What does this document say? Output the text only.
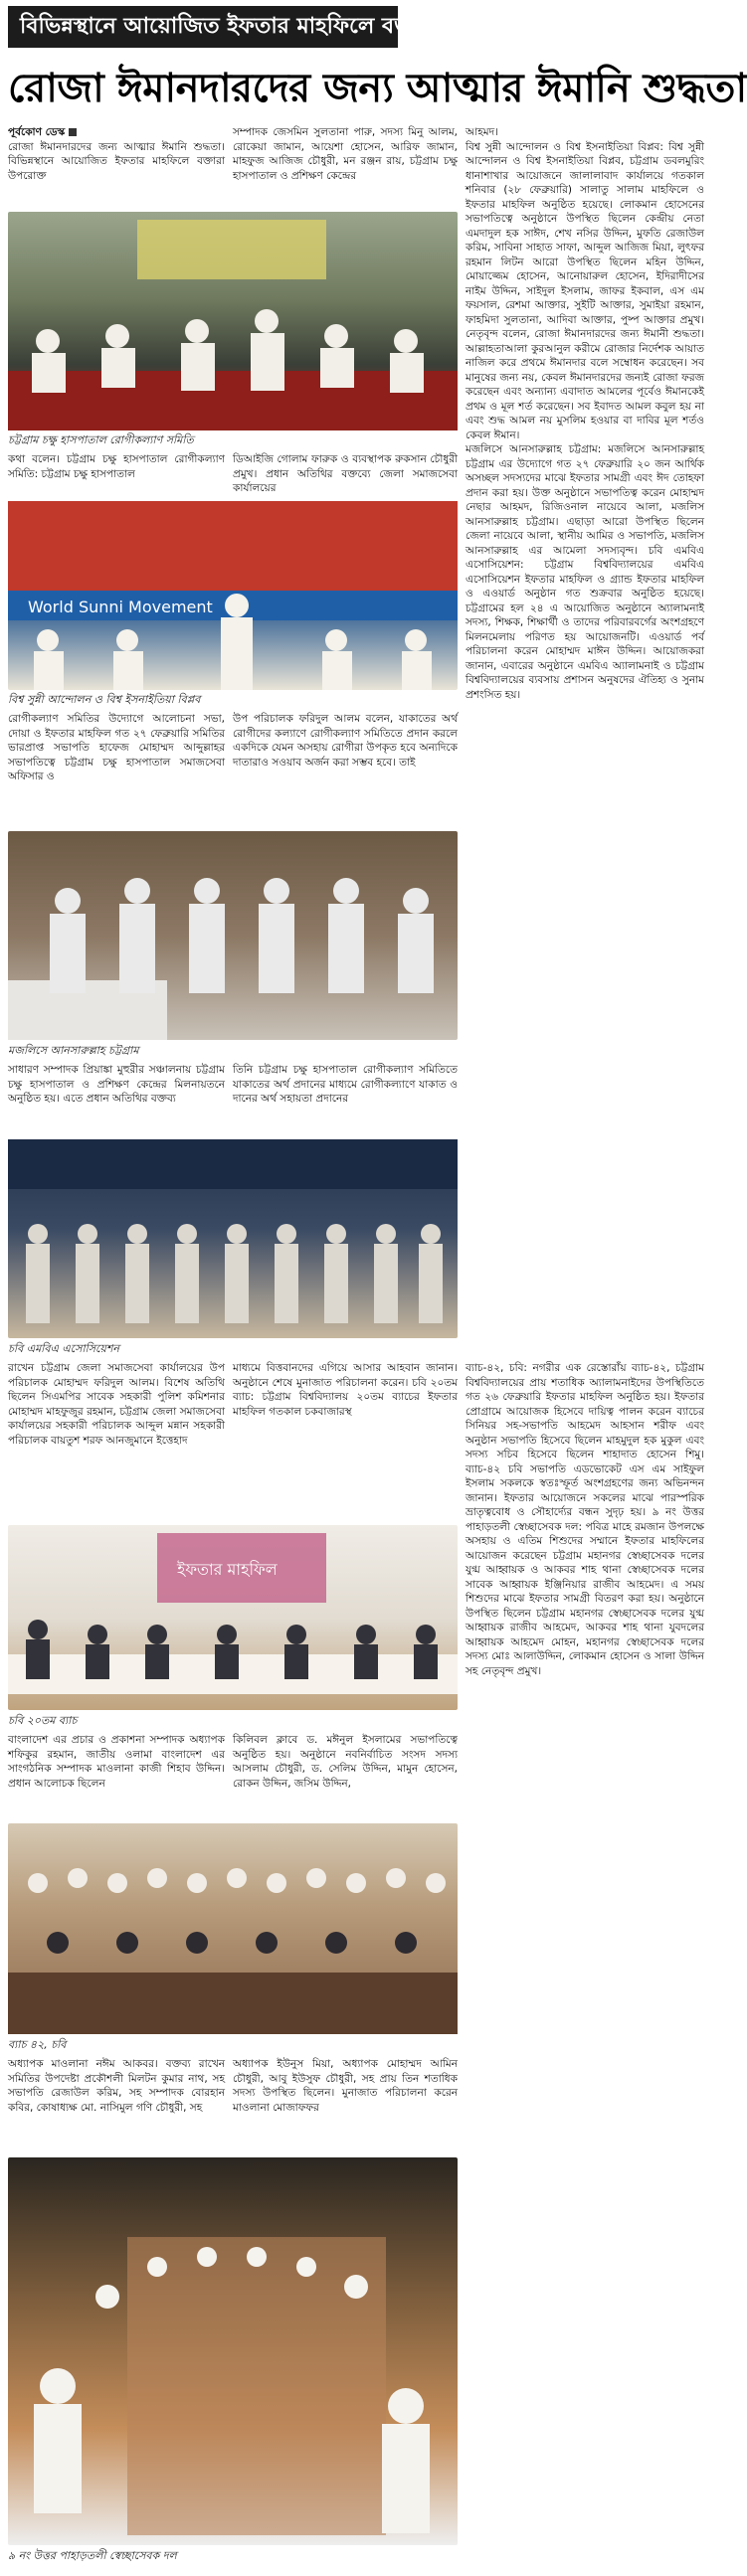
বিভিন্নস্থানে আয়োজিত ইফতার মাহফিলে বক্তারা
রোজা ঈমানদারদের জন্য আত্মার ঈমানি শুদ্ধতা

আহমদ।

বিশ্ব সুন্নী আন্দোলন ও বিশ্ব ইসনাইতিয়া বিপ্লব: বিশ্ব সুন্নী আন্দোলন ও বিশ্ব ইসনাইতিয়া বিপ্লব, চট্টগ্রাম ডবলমুরিং ধানাশাখার আয়োজনে জালালাবাদ কার্যালয়ে গতকাল শনিবার (২৮ ফেব্রুয়ারি) সালাতু সালাম মাহফিলে ও ইফতার মাহফিল অনুষ্ঠিত হয়েছে। লোকমান হোসেনের সভাপতিত্বে অনুষ্ঠানে উপস্থিত ছিলেন কেন্দ্রীয় নেতা এমদাদুল হক সাঈদ, শেখ নসির উদ্দিন, মুফতি রেজাউল করিম, সাবিনা সাহাত সাফা, আব্দুল আজিজ মিয়া, লুৎফর রহমান লিটন আরো উপস্থিত ছিলেন মহিন উদ্দিন, মোয়াজ্জেম হোসেন, আনোয়ারুল হোসেন, ইদিরাদীসের নাইম উদ্দিন, সাইদুল ইসলাম, জাফর ইকবাল, এস এম ফয়সাল, রেশমা আক্তার, সুইটি আক্তার, সুমাইয়া রহমান, ফাহমিদা সুলতানা, আদিবা আক্তার, পুষ্প আক্তার প্রমুখ। নেতৃবৃন্দ বলেন, রোজা ঈমানদারদের জন্য ঈমানী শুদ্ধতা। আল্লাহতাআলা কুরআনুল করীমে রোজার নির্দেশক আয়াত নাজিল করে প্রথমে ঈমানদার বলে সম্বোধন করেছেন। সব মানুষের জন্য নয়, কেবল ঈমানদারদের জন্যই রোজা ফরজ করেছেন এবং অন্যান্য এবাদাত আমলের পূর্বেও ঈমানকেই প্রথম ও মূল শর্ত করেছেন। সব ইবাদত আমল কবুল হয় না এবং শুদ্ধ আমল নয় মুসলিম হওয়ার বা দাবির মূল শর্তও কেবল ঈমান।

মজলিসে আনসারুল্লাহ চট্টগ্রাম: মজলিসে আনসারুল্লাহ চট্টগ্রাম এর উদ্যোগে গত ২৭ ফেব্রুয়ারি ২০ জন আর্থিক অসচ্ছল সদস্যদের মাঝে ইফতার সামগ্রী এবং ঈদ তোহফা প্রদান করা হয়। উক্ত অনুষ্ঠানে সভাপতিত্ব করেন মোহাম্মদ নেছার আহমদ, রিজিওনাল নায়েবে আলা, মজলিস আনসারুল্লাহ চট্টগ্রাম। এছাড়া আরো উপস্থিত ছিলেন জেলা নায়েবে আলা, স্থানীয় আমির ও সভাপতি, মজলিস আনসারুল্লাহ এর আমেলা সদস্যবৃন্দ। চবি এমবিএ এসোসিয়েশন: চট্টগ্রাম বিশ্ববিদ্যালয়ের এমবিএ এসোসিয়েশন ইফতার মাহফিল ও গ্র্যান্ড ইফতার মাহফিল ও এওয়ার্ড অনুষ্ঠান গত শুক্রবার অনুষ্ঠিত হয়েছে। চট্টগ্রামের হল ২৪ এ আয়োজিত অনুষ্ঠানে অ্যালামনাই সদস্য, শিক্ষক, শিক্ষার্থী ও তাদের পরিবারবর্গের অংশগ্রহণে মিলনমেলায় পরিণত হয় আয়োজনটি। এওয়ার্ড পর্ব পরিচালনা করেন মোহাম্মদ মাঈন উদ্দিন। আয়োজকরা জানান, এবারের অনুষ্ঠানে এমবিএ অ্যালামনাই ও চট্টগ্রাম বিশ্ববিদ্যালয়ের ব্যবসায় প্রশাসন অনুষদের ঐতিহ্য ও সুনাম প্রশংসিত হয়।

পূর্বকোণ ডেস্ক

রোজা ঈমানদারদের জন্য আত্মার ঈমানি শুদ্ধতা। বিভিন্নস্থানে আয়োজিত ইফতার মাহফিলে বক্তারা উপরোক্ত

সম্পাদক জেসমিন সুলতানা পারু, সদস্য মিনু আলম, রোকেয়া জামান, আয়েশা হোসেন, আরিফ জামান, মাহফুজ আজিজ চৌধুরী, মন রঞ্জন রায়, চট্টগ্রাম চক্ষু হাসপাতাল ও প্রশিক্ষণ কেন্দ্রের

চট্টগ্রাম চক্ষু হাসপাতাল রোগীকল্যাণ সমিতি

কথা বলেন। চট্টগ্রাম চক্ষু হাসপাতাল রোগীকল্যাণ সমিতি: চট্টগ্রাম চক্ষু হাসপাতাল

ডিআইজি গোলাম ফারুক ও ব্যবস্থাপক রুকসান চৌধুরী প্রমুখ। প্রধান অতিথির বক্তব্যে জেলা সমাজসেবা কার্যালয়ের

World Sunni Movement
বিশ্ব সুন্নী আন্দোলন ও বিশ্ব ইসনাইতিয়া বিপ্লব

রোগীকল্যাণ সমিতির উদ্যোগে আলোচনা সভা, দোয়া ও ইফতার মাহফিল গত ২৭ ফেব্রুয়ারি সমিতির ভারপ্রাপ্ত সভাপতি হাফেজ মোহাম্মদ আব্দুল্লাহর সভাপতিত্বে চট্টগ্রাম চক্ষু হাসপাতাল সমাজসেবা অফিসার ও

উপ পরিচালক ফরিদুল আলম বলেন, যাকাতের অর্থ রোগীদের কল্যাণে রোগীকল্যাণ সমিতিতে প্রদান করলে একদিকে যেমন অসহায় রোগীরা উপকৃত হবে অন্যদিকে দাতারাও সওয়াব অর্জন করা সম্ভব হবে। তাই

মজলিসে আনসারুল্লাহ চট্টগ্রাম

সাধারণ সম্পাদক প্রিয়াঙ্কা মুহুরীর সঞ্চালনায় চট্টগ্রাম চক্ষু হাসপাতাল ও প্রশিক্ষণ কেন্দ্রের মিলনায়তনে অনুষ্ঠিত হয়। এতে প্রধান অতিথির বক্তব্য

তিনি চট্টগ্রাম চক্ষু হাসপাতাল রোগীকল্যাণ সমিতিতে যাকাতের অর্থ প্রদানের মাধ্যমে রোগীকল্যাণে যাকাত ও দানের অর্থ সহায়তা প্রদানের

চবি এমবিএ এসোসিয়েশন

রাখেন চট্টগ্রাম জেলা সমাজসেবা কার্যালয়ের উপ পরিচালক মোহাম্মদ ফরিদুল আলম। বিশেষ অতিথি ছিলেন সিএমপির সাবেক সহকারী পুলিশ কমিশনার মোহাম্মদ মাহফুজুর রহমান, চট্টগ্রাম জেলা সমাজসেবা কার্যালয়ের সহকারী পরিচালক আব্দুল মন্নান সহকারী পরিচালক বায়তুশ শরফ আনজুমানে ইত্তেহাদ

মাধ্যমে বিত্তবানদের এগিয়ে আসার আহবান জানান। অনুষ্ঠানে শেষে মুনাজাত পরিচালনা করেন। চবি ২০তম ব্যাচ: চট্টগ্রাম বিশ্ববিদ্যালয় ২০তম ব্যাচের ইফতার মাহফিল গতকাল চকবাজারস্থ

ব্যাচ-৪২, চবি: নগরীর এক রেস্তোরাঁয় ব্যাচ-৪২, চট্টগ্রাম বিশ্ববিদ্যালয়ের প্রায় শতাধিক অ্যালামনাইদের উপস্থিতিতে গত ২৬ ফেব্রুয়ারি ইফতার মাহফিল অনুষ্ঠিত হয়। ইফতার প্রোগ্রামে আয়োজক হিসেবে দায়িত্ব পালন করেন ব্যাচের সিনিয়র সহ-সভাপতি আহমেদ আহসান শরীফ এবং অনুষ্ঠান সভাপতি হিসেবে ছিলেন মাহমুদুল হক মুকুল এবং সদস্য সচিব হিসেবে ছিলেন শাহাদাত হোসেন শিমু। ব্যাচ-৪২ চবি সভাপতি এডভোকেট এস এম সাইফুল ইসলাম সকলকে স্বতঃস্ফূর্ত অংশগ্রহণের জন্য অভিনন্দন জানান। ইফতার আয়োজনে সকলের মাঝে পারস্পরিক ভ্রাতৃত্ববোধ ও সৌহার্দ্যের বন্ধন সুদৃঢ় হয়। ৯ নং উত্তর পাহাড়তলী স্বেচ্ছাসেবক দল: পবিত্র মাহে রমজান উপলক্ষে অসহায় ও এতিম শিশুদের সম্মানে ইফতার মাহফিলের আয়োজন করেছেন চট্টগ্রাম মহানগর স্বেচ্ছাসেবক দলের যুগ্ম আহ্বায়ক ও আকবর শাহ থানা স্বেচ্ছাসেবক দলের সাবেক আহ্বায়ক ইঞ্জিনিয়ার রাজীব আহমেদ। এ সময় শিশুদের মাঝে ইফতার সামগ্রী বিতরণ করা হয়। অনুষ্ঠানে উপস্থিত ছিলেন চট্টগ্রাম মহানগর স্বেচ্ছাসেবক দলের যুগ্ম আহ্বায়ক রাজীব আহমেদ, আকবর শাহ থানা যুবদলের আহ্বায়ক আহমেদ মোহন, মহানগর স্বেচ্ছাসেবক দলের সদস্য মোঃ আলাউদ্দিন, লোকমান হোসেন ও সালা উদ্দিন সহ নেতৃবৃন্দ প্রমুখ।

ইফতার মাহফিল
চবি ২০তম ব্যাচ

বাংলাদেশ এর প্রচার ও প্রকাশনা সম্পাদক অধ্যাপক শফিকুর রহমান, জাতীয় ওলামা বাংলাদেশ এর সাংগঠনিক সম্পাদক মাওলানা কাজী শিহাব উদ্দিন। প্রধান আলোচক ছিলেন

কিলিবল ক্লাবে ড. মঈনুল ইসলামের সভাপতিত্বে অনুষ্ঠিত হয়। অনুষ্ঠানে নবনির্বাচিত সংসদ সদস্য আসলাম চৌধুরী, ড. সেলিম উদ্দিন, মামুন হোসেন, রোকন উদ্দিন, জসিম উদ্দিন,

ব্যাচ ৪২, চবি

অধ্যাপক মাওলানা নঈম আকবর। বক্তব্য রাখেন সমিতির উপদেষ্টা প্রকৌশলী মিলটন কুমার নাথ, সহ সভাপতি রেজাউল করিম, সহ সম্পাদক বোরহান কবির, কোষাধ্যক্ষ মো. নাসিমুল গণি চৌধুরী, সহ

অধ্যাপক ইউনুস মিয়া, অধ্যাপক মোহাম্মদ আমিন চৌধুরী, আবু ইউসুফ চৌধুরী, সহ প্রায় তিন শতাধিক সদস্য উপস্থিত ছিলেন। মুনাজাত পরিচালনা করেন মাওলানা মোজাফফর

৯ নং উত্তর পাহাড়তলী স্বেচ্ছাসেবক দল
